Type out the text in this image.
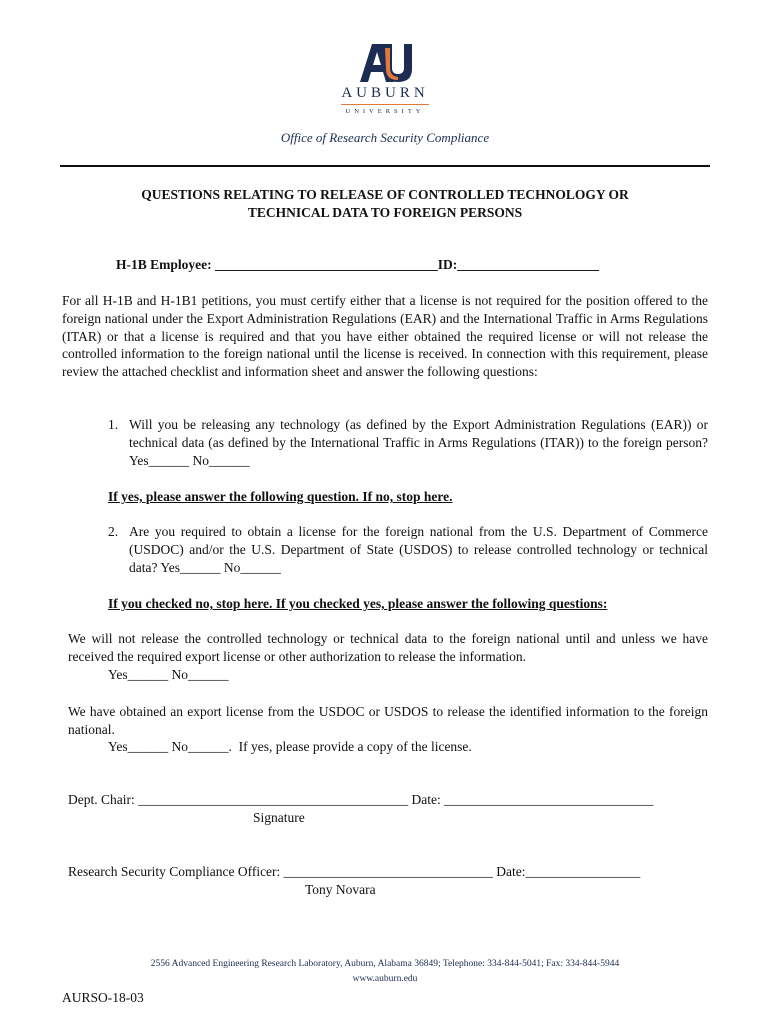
AUBURN
UNIVERSITY
Office of Research Security Compliance
QUESTIONS RELATING TO RELEASE OF CONTROLLED TECHNOLOGY OR
TECHNICAL DATA TO FOREIGN PERSONS
H-1B Employee: _________________________________ID:_____________________
For all H-1B and H-1B1 petitions, you must certify either that a license is not required for the position offered to the foreign national under the Export Administration Regulations (EAR) and the International Traffic in Arms Regulations (ITAR) or that a license is required and that you have either obtained the required license or will not release the controlled information to the foreign national until the license is received. In connection with this requirement, please review the attached checklist and information sheet and answer the following questions:
1. Will you be releasing any technology (as defined by the Export Administration Regulations (EAR)) or technical data (as defined by the International Traffic in Arms Regulations (ITAR)) to the foreign person? Yes______ No______
If yes, please answer the following question. If no, stop here.
2. Are you required to obtain a license for the foreign national from the U.S. Department of Commerce (USDOC) and/or the U.S. Department of State (USDOS) to release controlled technology or technical data? Yes______ No______
If you checked no, stop here. If you checked yes, please answer the following questions:
We will not release the controlled technology or technical data to the foreign national until and unless we have received the required export license or other authorization to release the information.
Yes______ No______
We have obtained an export license from the USDOC or USDOS to release the identified information to the foreign national.
Yes______ No______.  If yes, please provide a copy of the license.
Dept. Chair: ________________________________________ Date: _______________________________
Signature
Research Security Compliance Officer: _______________________________ Date:_________________
Tony Novara
2556 Advanced Engineering Research Laboratory, Auburn, Alabama 36849; Telephone: 334-844-5041; Fax: 334-844-5944
www.auburn.edu
AURSO-18-03
